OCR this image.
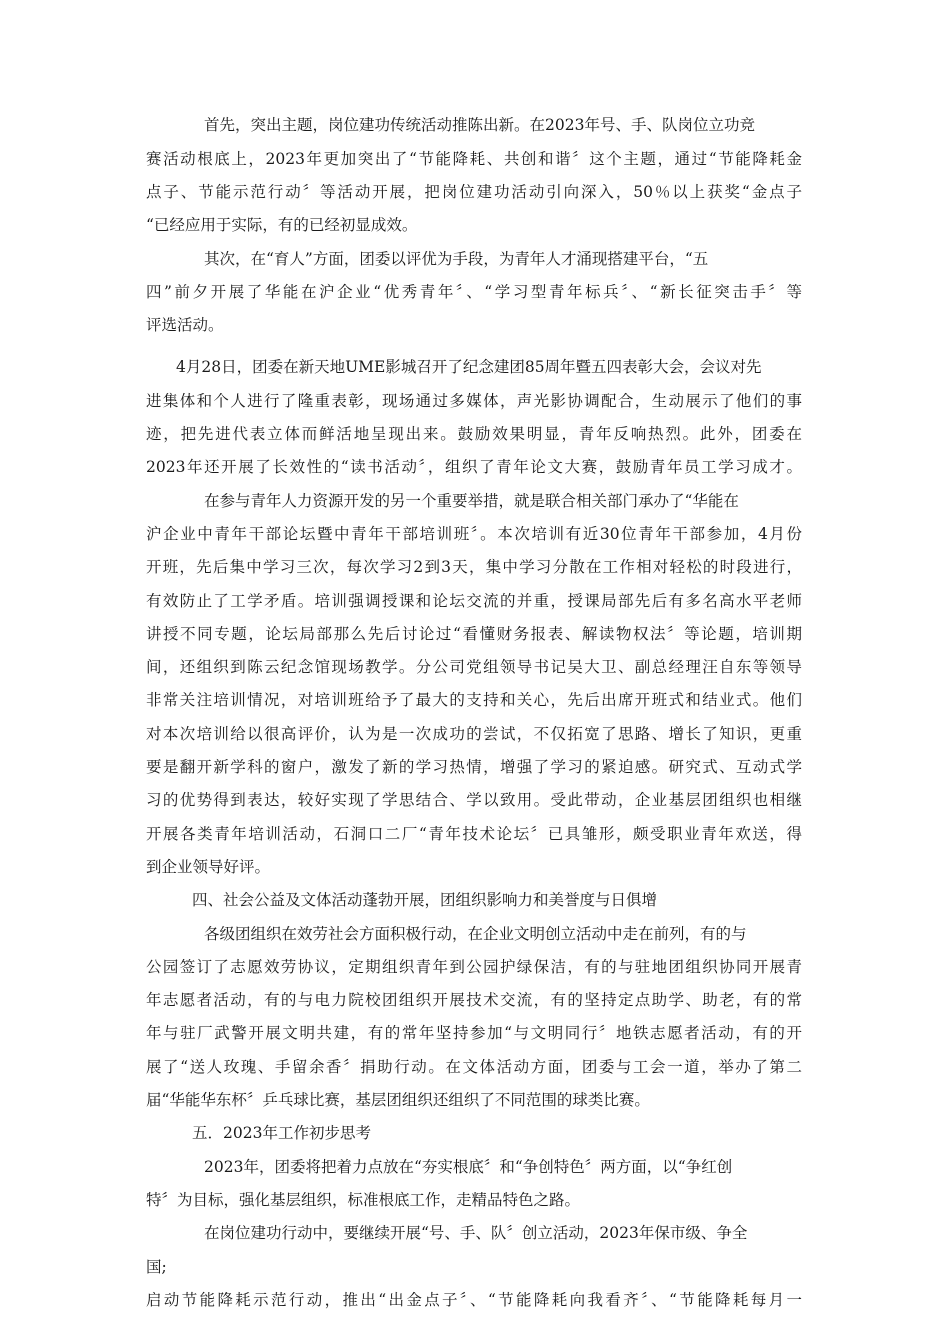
首先，突出主题，岗位建功传统活动推陈出新。在2023年号、手、队岗位立功竞
赛活动根底上，2023年更加突出了“节能降耗、共创和谐〞这个主题，通过“节能降耗金
点子、节能示范行动〞等活动开展，把岗位建功活动引向深入，50％以上获奖“金点子
“已经应用于实际，有的已经初显成效。
其次，在“育人”方面，团委以评优为手段，为青年人才涌现搭建平台，“五
四”前夕开展了华能在沪企业“优秀青年〞、“学习型青年标兵〞、“新长征突击手〞等
评选活动。
4月28日，团委在新天地UME影城召开了纪念建团85周年暨五四表彰大会，会议对先
进集体和个人进行了隆重表彰，现场通过多媒体，声光影协调配合，生动展示了他们的事
迹，把先进代表立体而鲜活地呈现出来。鼓励效果明显，青年反响热烈。此外，团委在
2023年还开展了长效性的“读书活动〞，组织了青年论文大赛，鼓励青年员工学习成才。
在参与青年人力资源开发的另一个重要举措，就是联合相关部门承办了“华能在
沪企业中青年干部论坛暨中青年干部培训班〞。本次培训有近30位青年干部参加，4月份
开班，先后集中学习三次，每次学习2到3天，集中学习分散在工作相对轻松的时段进行，
有效防止了工学矛盾。培训强调授课和论坛交流的并重，授课局部先后有多名高水平老师
讲授不同专题，论坛局部那么先后讨论过“看懂财务报表、解读物权法〞等论题，培训期
间，还组织到陈云纪念馆现场教学。分公司党组领导书记吴大卫、副总经理汪自东等领导
非常关注培训情况，对培训班给予了最大的支持和关心，先后出席开班式和结业式。他们
对本次培训给以很高评价，认为是一次成功的尝试，不仅拓宽了思路、增长了知识，更重
要是翻开新学科的窗户，激发了新的学习热情，增强了学习的紧迫感。研究式、互动式学
习的优势得到表达，较好实现了学思结合、学以致用。受此带动，企业基层团组织也相继
开展各类青年培训活动，石洞口二厂“青年技术论坛〞已具雏形，颇受职业青年欢送，得
到企业领导好评。
四、社会公益及文体活动蓬勃开展，团组织影响力和美誉度与日俱增
各级团组织在效劳社会方面积极行动，在企业文明创立活动中走在前列，有的与
公园签订了志愿效劳协议，定期组织青年到公园护绿保洁，有的与驻地团组织协同开展青
年志愿者活动，有的与电力院校团组织开展技术交流，有的坚持定点助学、助老，有的常
年与驻厂武警开展文明共建，有的常年坚持参加“与文明同行〞地铁志愿者活动，有的开
展了“送人玫瑰、手留余香〞捐助行动。在文体活动方面，团委与工会一道，举办了第二
届“华能华东杯〞乒乓球比赛，基层团组织还组织了不同范围的球类比赛。
五．2023年工作初步思考
2023年，团委将把着力点放在“夯实根底〞和“争创特色〞两方面，以“争红创
特〞为目标，强化基层组织，标准根底工作，走精品特色之路。
在岗位建功行动中，要继续开展“号、手、队〞创立活动，2023年保市级、争全
国;
启动节能降耗示范行动，推出“出金点子〞、“节能降耗向我看齐〞、“节能降耗每月一
